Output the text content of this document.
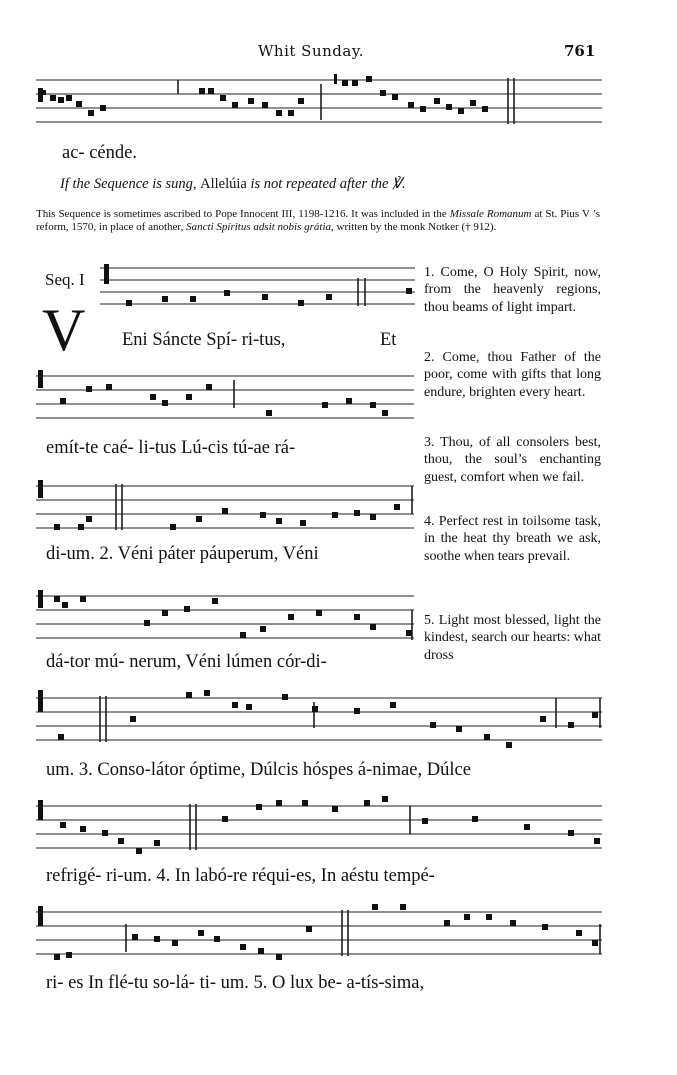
Whit Sunday.	761
ac- cénde.
If the Sequence is sung, Allelúia is not repeated after the ℣.
This Sequence is sometimes ascribed to Pope Innocent III, 1198-1216. It was included in the Missale Romanum at St. Pius V ’s reform, 1570, in place of another, Sancti Spíritus adsit nobis grátia, written by the monk Notker († 912).
Seq. I
V Eni Sáncte Spí- ri-tus,	Et
emít-te caé- li-tus Lú-cis tú-ae rá-
di-um. 2. Véni páter páuperum, Véni
dá-tor mú- nerum, Véni lúmen cór-di-
um. 3. Conso-látor óptime, Dúlcis hóspes á-nimae, Dúlce
refrigé- ri-um. 4. In labó-re réqui-es, In aéstu tempé-
ri- es In flé-tu so-lá- ti- um. 5. O lux be- a-tís-sima,
1. Come, O Holy Spirit, now, from the heavenly regions, thou beams of light impart.
2. Come, thou Father of the poor, come with gifts that long endure, brighten every heart.
3. Thou, of all consolers best, thou, the soul’s enchanting guest, comfort when we fail.
4. Perfect rest in toilsome task, in the heat thy breath we ask, soothe when tears prevail.
5. Light most blessed, light the kindest, search our hearts: what dross
